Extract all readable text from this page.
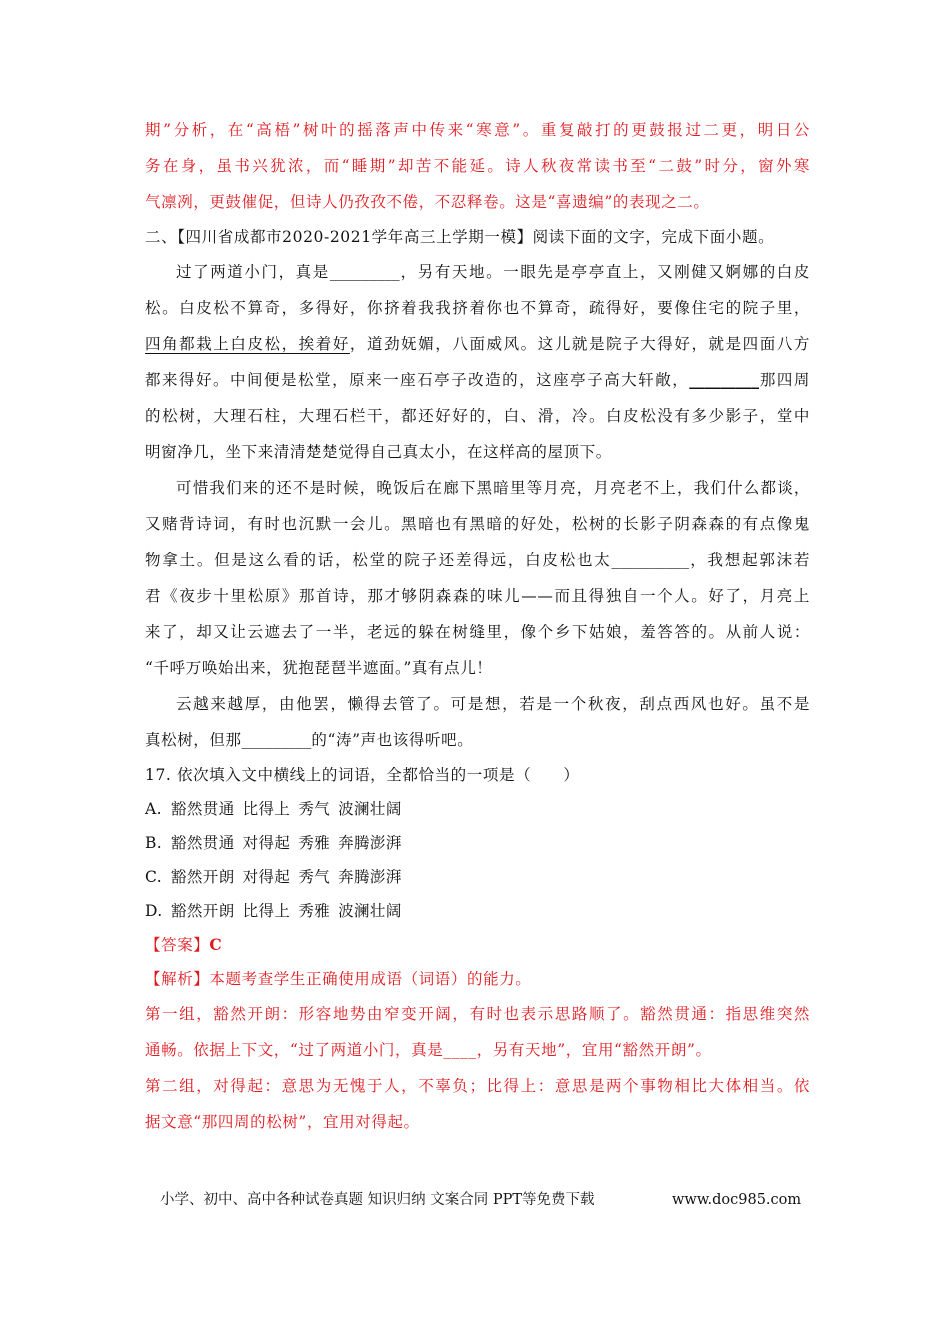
期”分析，在“高梧”树叶的摇落声中传来“寒意”。重复敲打的更鼓报过二更，明日公

务在身，虽书兴犹浓，而“睡期”却苦不能延。诗人秋夜常读书至“二鼓”时分，窗外寒

气凛冽，更鼓催促，但诗人仍孜孜不倦，不忍释卷。这是“喜遗编”的表现之二。

二、【四川省成都市2020-2021学年高三上学期一模】阅读下面的文字，完成下面小题。

过了两道小门，真是_________，另有天地。一眼先是亭亭直上，又刚健又婀娜的白皮

松。白皮松不算奇，多得好，你挤着我我挤着你也不算奇，疏得好，要像住宅的院子里，

四角都栽上白皮松，挨着好，道劲妩媚，八面威风。这儿就是院子大得好，就是四面八方

都来得好。中间便是松堂，原来一座石亭子改造的，这座亭子高大轩敞，_________那四周

的松树，大理石柱，大理石栏干，都还好好的，白、滑，冷。白皮松没有多少影子，堂中

明窗净几，坐下来清清楚楚觉得自己真太小，在这样高的屋顶下。

可惜我们来的还不是时候，晚饭后在廊下黑暗里等月亮，月亮老不上，我们什么都谈，

又赌背诗词，有时也沉默一会儿。黑暗也有黑暗的好处，松树的长影子阴森森的有点像鬼

物拿土。但是这么看的话，松堂的院子还差得远，白皮松也太__________，我想起郭沫若

君《夜步十里松原》那首诗，那才够阴森森的味儿——而且得独自一个人。好了，月亮上

来了，却又让云遮去了一半，老远的躲在树缝里，像个乡下姑娘，羞答答的。从前人说：

“千呼万唤始出来，犹抱琵琶半遮面。”真有点儿！

云越来越厚，由他罢，懒得去管了。可是想，若是一个秋夜，刮点西风也好。虽不是

真松树，但那_________的“涛”声也该得听吧。

17. 依次填入文中横线上的词语，全都恰当的一项是（　　）

A. 豁然贯通 比得上 秀气 波澜壮阔

B. 豁然贯通 对得起 秀雅 奔腾澎湃

C. 豁然开朗 对得起 秀气 奔腾澎湃

D. 豁然开朗 比得上 秀雅 波澜壮阔

【答案】C

【解析】本题考查学生正确使用成语（词语）的能力。

第一组，豁然开朗：形容地势由窄变开阔，有时也表示思路顺了。豁然贯通：指思维突然

通畅。依据上下文，“过了两道小门，真是____，另有天地”，宜用“豁然开朗”。

第二组，对得起：意思为无愧于人，不辜负；比得上：意思是两个事物相比大体相当。依

据文意“那四周的松树”，宜用对得起。

小学、初中、高中各种试卷真题 知识归纳 文案合同 PPT等免费下载	www.doc985.com
